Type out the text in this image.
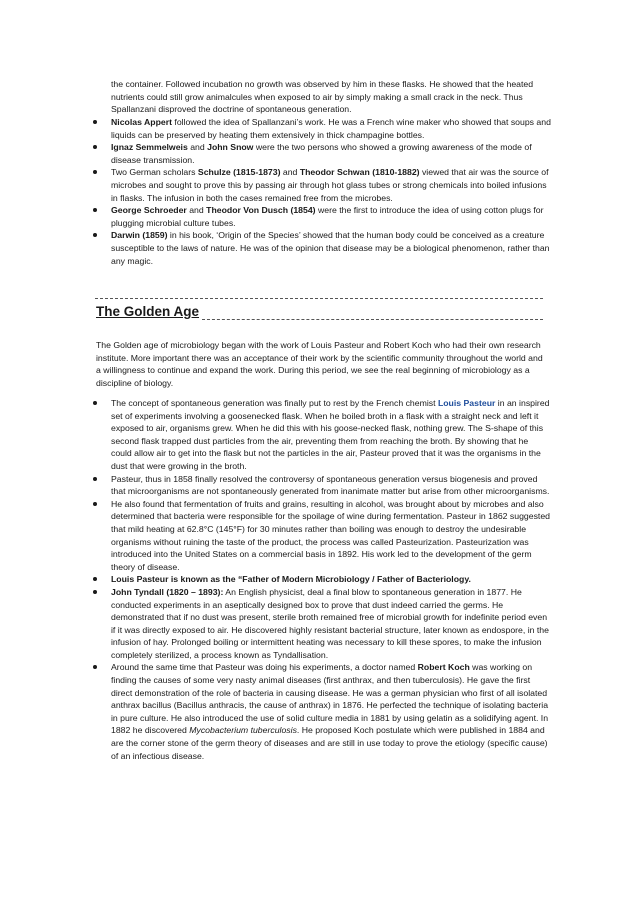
the container. Followed incubation no growth was observed by him in these flasks. He showed that the heated nutrients could still grow animalcules when exposed to air by simply making a small crack in the neck. Thus Spallanzani disproved the doctrine of spontaneous generation.

Nicolas Appert followed the idea of Spallanzani’s work. He was a French wine maker who showed that soups and liquids can be preserved by heating them extensively in thick champagine bottles.
Ignaz Semmelweis and John Snow were the two persons who showed a growing awareness of the mode of disease transmission.
Two German scholars Schulze (1815-1873) and Theodor Schwan (1810-1882) viewed that air was the source of microbes and sought to prove this by passing air through hot glass tubes or strong chemicals into boiled infusions in flasks. The infusion in both the cases remained free from the microbes.
George Schroeder and Theodor Von Dusch (1854) were the first to introduce the idea of using cotton plugs for plugging microbial culture tubes.
Darwin (1859) in his book, ‘Origin of the Species’ showed that the human body could be conceived as a creature susceptible to the laws of nature. He was of the opinion that disease may be a biological phenomenon, rather than any magic.
The Golden Age

The Golden age of microbiology began with the work of Louis Pasteur and Robert Koch who had their own research institute. More important there was an acceptance of their work by the scientific community throughout the world and a willingness to continue and expand the work. During this period, we see the real beginning of microbiology as a discipline of biology.

The concept of spontaneous generation was finally put to rest by the French chemist Louis Pasteur in an inspired set of experiments involving a goosenecked flask. When he boiled broth in a flask with a straight neck and left it exposed to air, organisms grew. When he did this with his goose-necked flask, nothing grew. The S-shape of this second flask trapped dust particles from the air, preventing them from reaching the broth. By showing that he could allow air to get into the flask but not the particles in the air, Pasteur proved that it was the organisms in the dust that were growing in the broth.
Pasteur, thus in 1858 finally resolved the controversy of spontaneous generation versus biogenesis and proved that microorganisms are not spontaneously generated from inanimate matter but arise from other microorganisms.
He also found that fermentation of fruits and grains, resulting in alcohol, was brought about by microbes and also determined that bacteria were responsible for the spoilage of wine during fermentation. Pasteur in 1862 suggested that mild heating at 62.8°C (145°F) for 30 minutes rather than boiling was enough to destroy the undesirable organisms without ruining the taste of the product, the process was called Pasteurization. Pasteurization was introduced into the United States on a commercial basis in 1892. His work led to the development of the germ theory of disease.
Louis Pasteur is known as the “Father of Modern Microbiology / Father of Bacteriology.
John Tyndall (1820 – 1893): An English physicist, deal a final blow to spontaneous generation in 1877. He conducted experiments in an aseptically designed box to prove that dust indeed carried the germs. He demonstrated that if no dust was present, sterile broth remained free of microbial growth for indefinite period even if it was directly exposed to air. He discovered highly resistant bacterial structure, later known as endospore, in the infusion of hay. Prolonged boiling or intermittent heating was necessary to kill these spores, to make the infusion completely sterilized, a process known as Tyndallisation.
Around the same time that Pasteur was doing his experiments, a doctor named Robert Koch was working on finding the causes of some very nasty animal diseases (first anthrax, and then tuberculosis). He gave the first direct demonstration of the role of bacteria in causing disease. He was a german physician who first of all isolated anthrax bacillus (Bacillus anthracis, the cause of anthrax) in 1876. He perfected the technique of isolating bacteria in pure culture. He also introduced the use of solid culture media in 1881 by using gelatin as a solidifying agent. In 1882 he discovered Mycobacterium tuberculosis. He proposed Koch postulate which were published in 1884 and are the corner stone of the germ theory of diseases and are still in use today to prove the etiology (specific cause) of an infectious disease.
